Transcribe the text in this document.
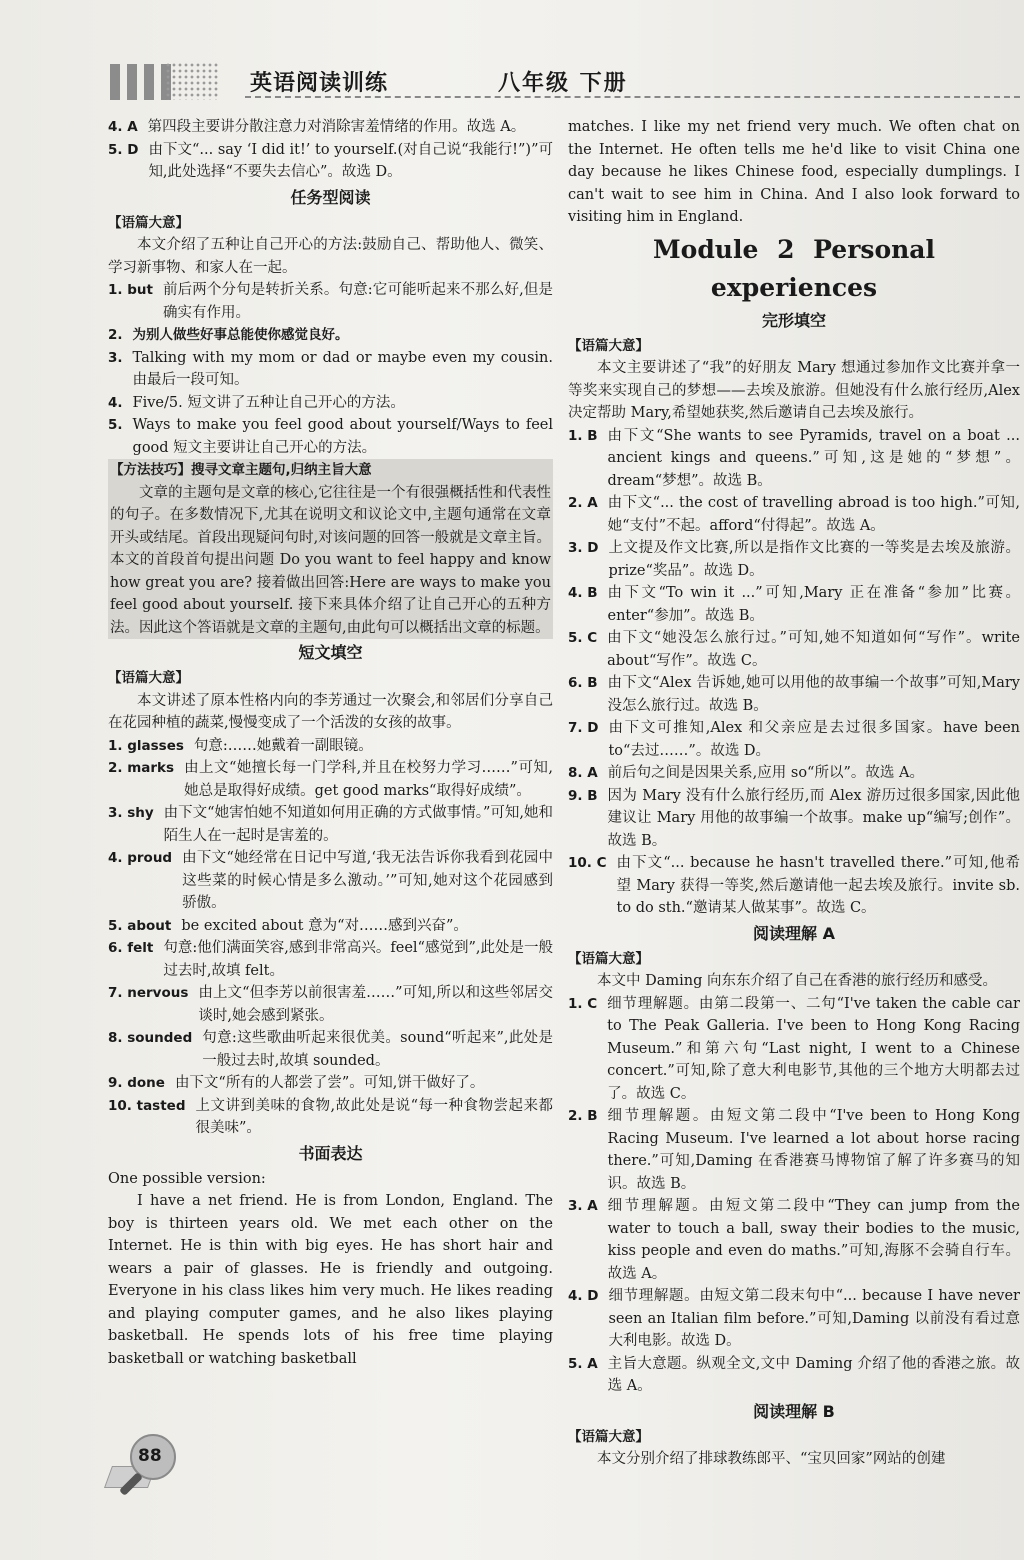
英语阅读训练	八年级 下册
4. A 第四段主要讲分散注意力对消除害羞情绪的作用。故选 A。
5. D 由下文“... say ‘I did it!’ to yourself.(对自己说“我能行!”)”可知,此处选择“不要失去信心”。故选 D。
任务型阅读
【语篇大意】
本文介绍了五种让自己开心的方法:鼓励自己、帮助他人、微笑、学习新事物、和家人在一起。
1. but 前后两个分句是转折关系。句意:它可能听起来不那么好,但是确实有作用。
2. 为别人做些好事总能使你感觉良好。
3. Talking with my mom or dad or maybe even my cousin. 由最后一段可知。
4. Five/5. 短文讲了五种让自己开心的方法。
5. Ways to make you feel good about yourself/Ways to feel good 短文主要讲让自己开心的方法。
【方法技巧】搜寻文章主题句,归纳主旨大意
文章的主题句是文章的核心,它往往是一个有很强概括性和代表性的句子。在多数情况下,尤其在说明文和议论文中,主题句通常在文章开头或结尾。首段出现疑问句时,对该问题的回答一般就是文章主旨。本文的首段首句提出问题 Do you want to feel happy and know how great you are? 接着做出回答:Here are ways to make you feel good about yourself. 接下来具体介绍了让自己开心的五种方法。因此这个答语就是文章的主题句,由此句可以概括出文章的标题。
短文填空
【语篇大意】
本文讲述了原本性格内向的李芳通过一次聚会,和邻居们分享自己在花园种植的蔬菜,慢慢变成了一个活泼的女孩的故事。
1. glasses 句意:……她戴着一副眼镜。
2. marks 由上文“她擅长每一门学科,并且在校努力学习……”可知,她总是取得好成绩。get good marks“取得好成绩”。
3. shy 由下文“她害怕她不知道如何用正确的方式做事情。”可知,她和陌生人在一起时是害羞的。
4. proud 由下文“她经常在日记中写道,‘我无法告诉你我看到花园中这些菜的时候心情是多么激动。’”可知,她对这个花园感到骄傲。
5. about be excited about 意为“对……感到兴奋”。
6. felt 句意:他们满面笑容,感到非常高兴。feel“感觉到”,此处是一般过去时,故填 felt。
7. nervous 由上文“但李芳以前很害羞……”可知,所以和这些邻居交谈时,她会感到紧张。
8. sounded 句意:这些歌曲听起来很优美。sound“听起来”,此处是一般过去时,故填 sounded。
9. done 由下文“所有的人都尝了尝”。可知,饼干做好了。
10. tasted 上文讲到美味的食物,故此处是说“每一种食物尝起来都很美味”。
书面表达
One possible version:
I have a net friend. He is from London, England. The boy is thirteen years old. We met each other on the Internet. He is thin with big eyes. He has short hair and wears a pair of glasses. He is friendly and outgoing. Everyone in his class likes him very much. He likes reading and playing computer games, and he also likes playing basketball. He spends lots of his free time playing basketball or watching basketball
matches. I like my net friend very much. We often chat on the Internet. He often tells me he'd like to visit China one day because he likes Chinese food, especially dumplings. I can't wait to see him in China. And I also look forward to visiting him in England.
Module 2 Personal experiences
完形填空
【语篇大意】
本文主要讲述了“我”的好朋友 Mary 想通过参加作文比赛并拿一等奖来实现自己的梦想——去埃及旅游。但她没有什么旅行经历,Alex 决定帮助 Mary,希望她获奖,然后邀请自己去埃及旅行。
1. B 由下文“She wants to see Pyramids, travel on a boat ... ancient kings and queens.”可知,这是她的“梦想”。dream“梦想”。故选 B。
2. A 由下文“... the cost of travelling abroad is too high.”可知,她“支付”不起。afford“付得起”。故选 A。
3. D 上文提及作文比赛,所以是指作文比赛的一等奖是去埃及旅游。prize“奖品”。故选 D。
4. B 由下文“To win it ...”可知,Mary 正在准备“参加”比赛。enter“参加”。故选 B。
5. C 由下文“她没怎么旅行过。”可知,她不知道如何“写作”。write about“写作”。故选 C。
6. B 由下文“Alex 告诉她,她可以用他的故事编一个故事”可知,Mary 没怎么旅行过。故选 B。
7. D 由下文可推知,Alex 和父亲应是去过很多国家。have been to“去过……”。故选 D。
8. A 前后句之间是因果关系,应用 so“所以”。故选 A。
9. B 因为 Mary 没有什么旅行经历,而 Alex 游历过很多国家,因此他建议让 Mary 用他的故事编一个故事。make up“编写;创作”。故选 B。
10. C 由下文“... because he hasn't travelled there.”可知,他希望 Mary 获得一等奖,然后邀请他一起去埃及旅行。invite sb. to do sth.“邀请某人做某事”。故选 C。
阅读理解 A
【语篇大意】
本文中 Daming 向东东介绍了自己在香港的旅行经历和感受。
1. C 细节理解题。由第二段第一、二句“I've taken the cable car to The Peak Galleria. I've been to Hong Kong Racing Museum.”和第六句“Last night, I went to a Chinese concert.”可知,除了意大利电影节,其他的三个地方大明都去过了。故选 C。
2. B 细节理解题。由短文第二段中“I've been to Hong Kong Racing Museum. I've learned a lot about horse racing there.”可知,Daming 在香港赛马博物馆了解了许多赛马的知识。故选 B。
3. A 细节理解题。由短文第二段中“They can jump from the water to touch a ball, sway their bodies to the music, kiss people and even do maths.”可知,海豚不会骑自行车。故选 A。
4. D 细节理解题。由短文第二段末句中“... because I have never seen an Italian film before.”可知,Daming 以前没有看过意大利电影。故选 D。
5. A 主旨大意题。纵观全文,文中 Daming 介绍了他的香港之旅。故选 A。
阅读理解 B
【语篇大意】
本文分别介绍了排球教练郎平、“宝贝回家”网站的创建
88
